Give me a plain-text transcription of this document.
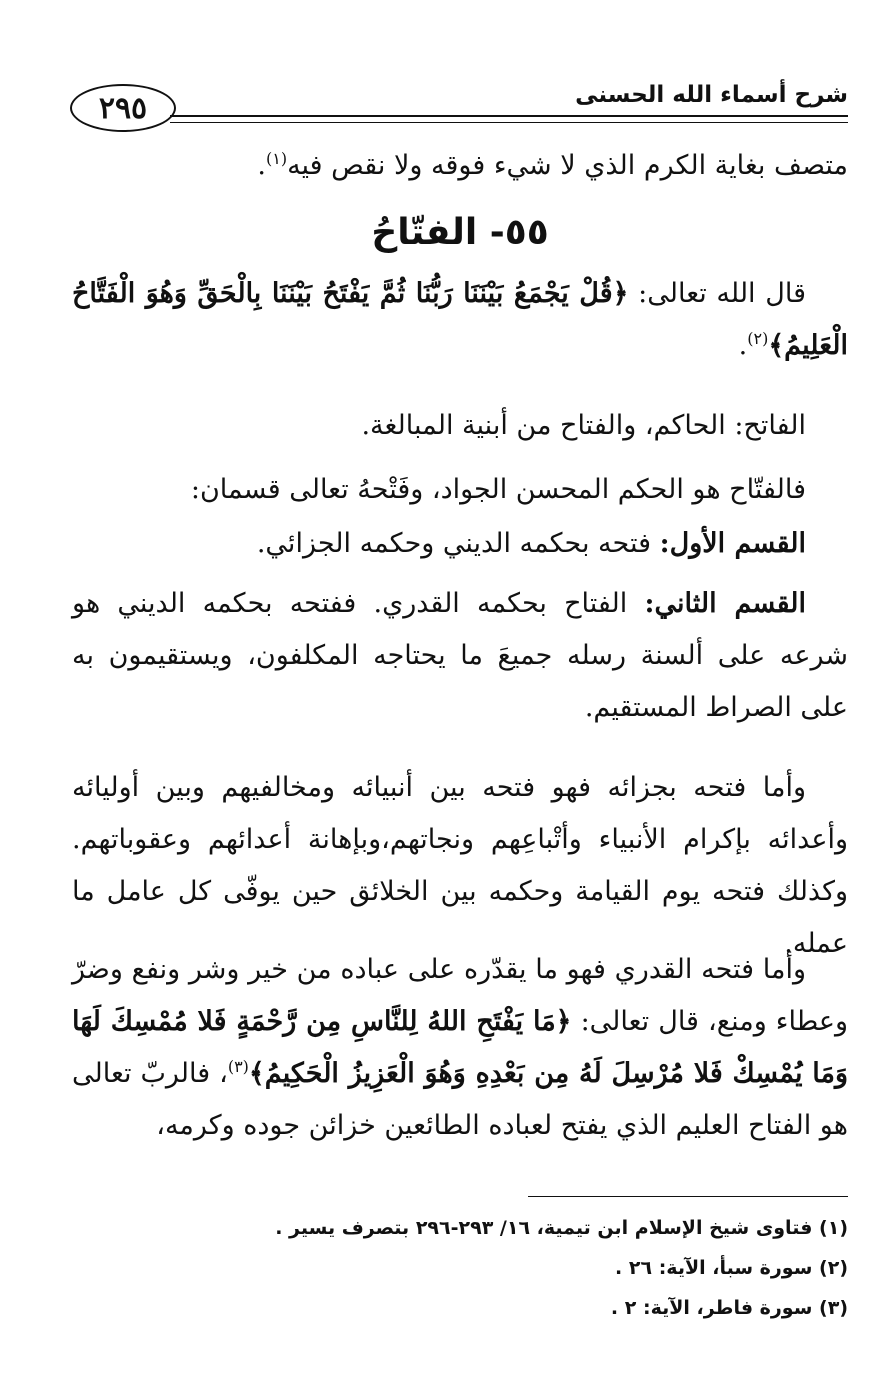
٢٩٥	شرح أسماء الله الحسنى
متصف بغاية الكرم الذي لا شيء فوقه ولا نقص فيه$^{(١)}$.
٥٥- الفتّاحُ
قال الله تعالى: ﴿قُلْ يَجْمَعُ بَيْنَنَا رَبُّنَا ثُمَّ يَفْتَحُ بَيْنَنَا بِالْحَقِّ وَهُوَ الْفَتَّاحُ الْعَلِيمُ﴾$^{(٢)}$.
الفاتح: الحاكم، والفتاح من أبنية المبالغة.
فالفتّاح هو الحكم المحسن الجواد، وفَتْحهُ تعالى قسمان:
القسم الأول: فتحه بحكمه الديني وحكمه الجزائي.
القسم الثاني: الفتاح بحكمه القدري. ففتحه بحكمه الديني هو شرعه على ألسنة رسله جميعَ ما يحتاجه المكلفون، ويستقيمون به على الصراط المستقيم.
وأما فتحه بجزائه فهو فتحه بين أنبيائه ومخالفيهم وبين أوليائه وأعدائه بإكرام الأنبياء وأتْباعِهم ونجاتهم،وبإهانة أعدائهم وعقوباتهم. وكذلك فتحه يوم القيامة وحكمه بين الخلائق حين يوفّى كل عامل ما عمله.
وأما فتحه القدري فهو ما يقدّره على عباده من خير وشر ونفع وضرّ وعطاء ومنع، قال تعالى: ﴿مَا يَفْتَحِ اللهُ لِلنَّاسِ مِن رَّحْمَةٍ فَلا مُمْسِكَ لَهَا وَمَا يُمْسِكْ فَلا مُرْسِلَ لَهُ مِن بَعْدِهِ وَهُوَ الْعَزِيزُ الْحَكِيمُ﴾$^{(٣)}$، فالربّ تعالى هو الفتاح العليم الذي يفتح لعباده الطائعين خزائن جوده وكرمه،
(١) فتاوى شيخ الإسلام ابن تيمية، ١٦/ ٢٩٣-٢٩٦ بتصرف يسير .
(٢) سورة سبأ، الآية: ٢٦ .
(٣) سورة فاطر، الآية: ٢ .
